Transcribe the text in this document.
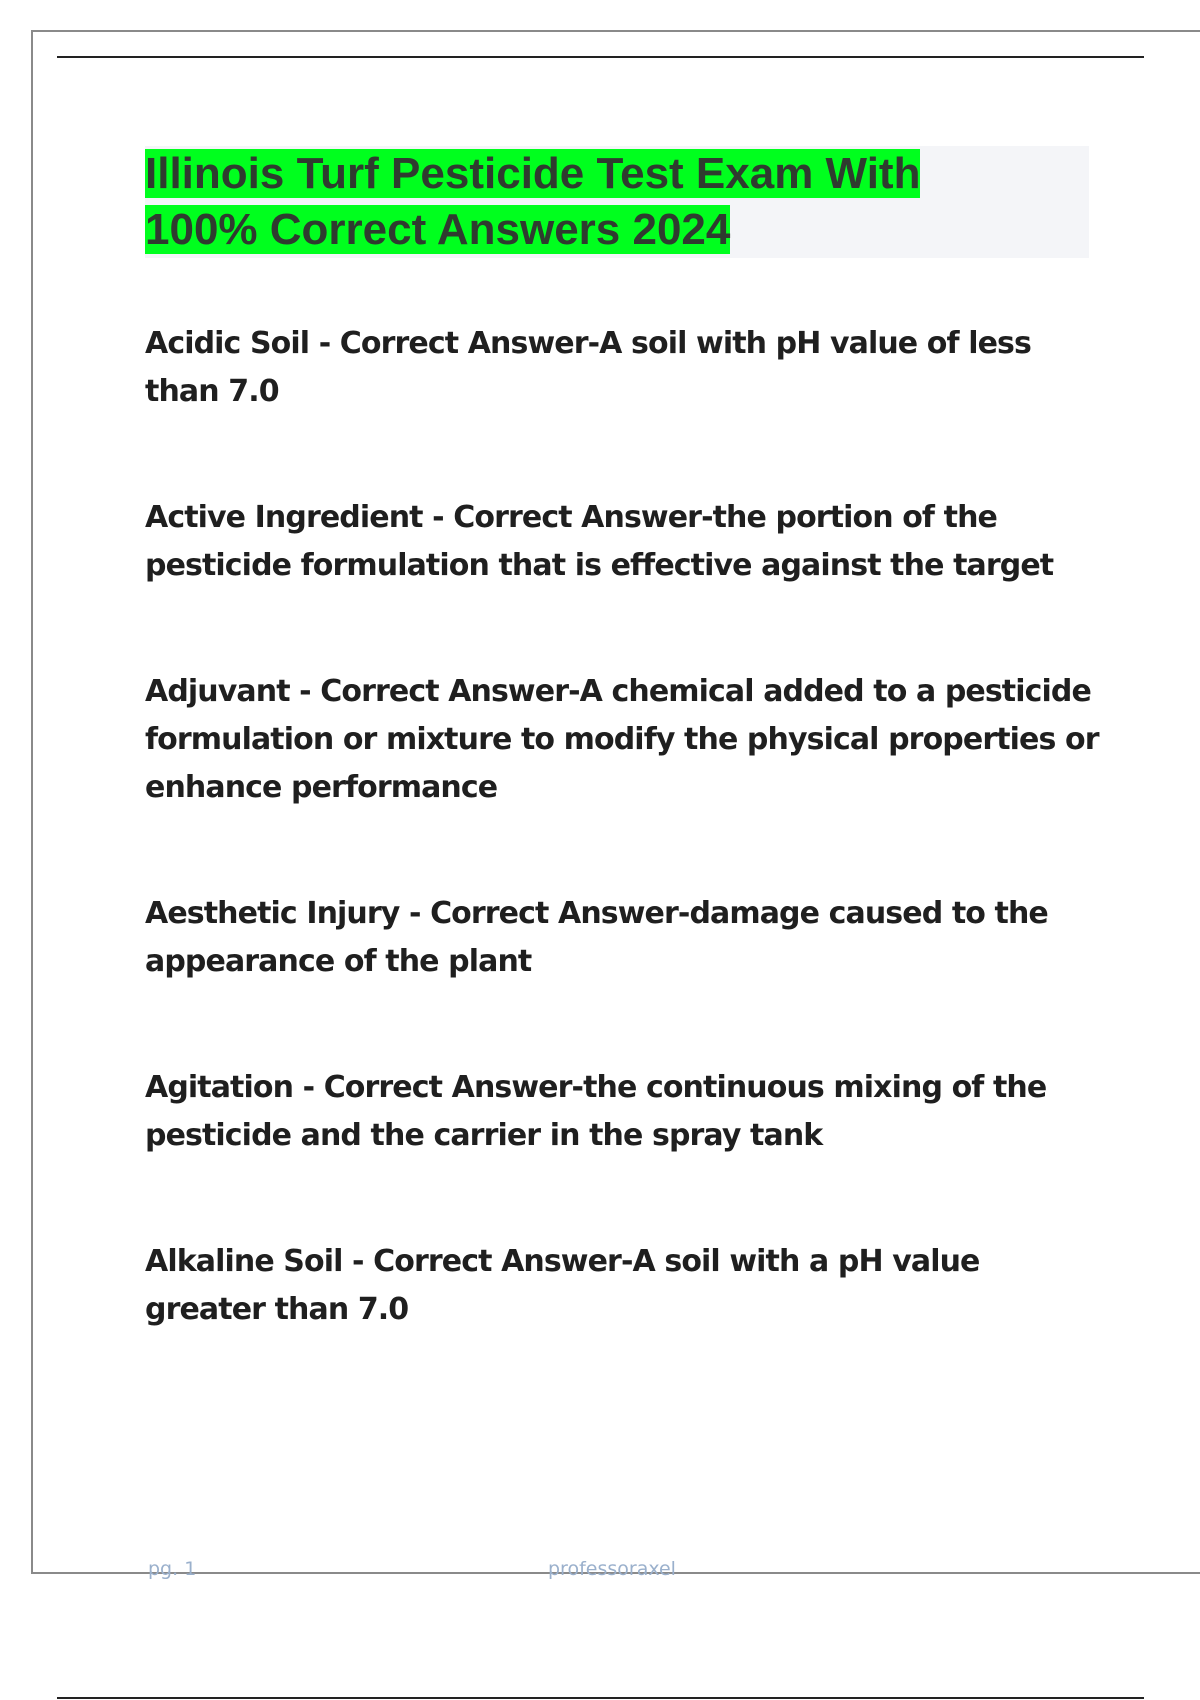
Illinois Turf Pesticide Test Exam With
100% Correct Answers 2024

Acidic Soil - Correct Answer-A soil with pH value of less than 7.0

Active Ingredient - Correct Answer-the portion of the pesticide formulation that is effective against the target

Adjuvant - Correct Answer-A chemical added to a pesticide formulation or mixture to modify the physical properties or enhance performance

Aesthetic Injury - Correct Answer-damage caused to the appearance of the plant

Agitation - Correct Answer-the continuous mixing of the pesticide and the carrier in the spray tank

Alkaline Soil - Correct Answer-A soil with a pH value greater than 7.0

pg. 1	professoraxel
